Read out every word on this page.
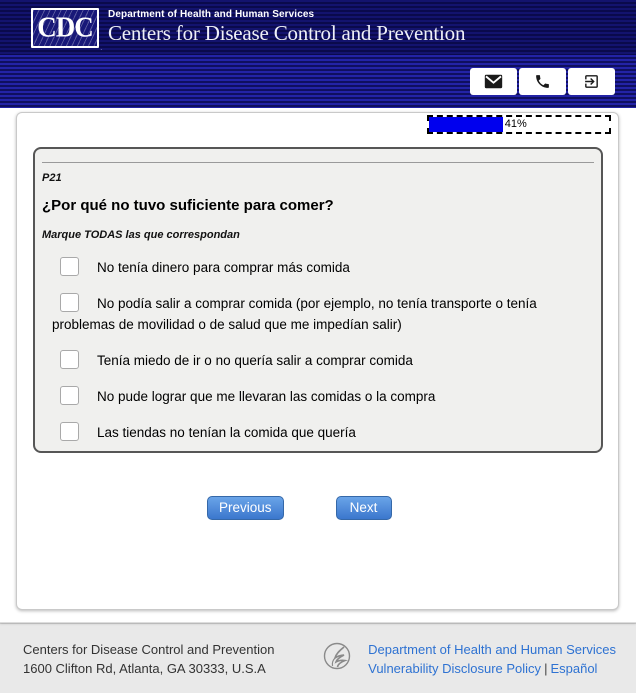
CDC
.
Department of Health and Human Services
Centers for Disease Control and Prevention
41%
P21
¿Por qué no tuvo suficiente para comer?
Marque TODAS las que correspondan
No tenía dinero para comprar más comida
No podía salir a comprar comida (por ejemplo, no tenía transporte o tenía problemas de movilidad o de salud que me impedían salir)
Tenía miedo de ir o no quería salir a comprar comida
No pude lograr que me llevaran las comidas o la compra
Las tiendas no tenían la comida que quería
Previous	Next
Centers for Disease Control and Prevention
1600 Clifton Rd, Atlanta, GA 30333, U.S.A
Department of Health and Human Services
Vulnerability Disclosure Policy | Español
